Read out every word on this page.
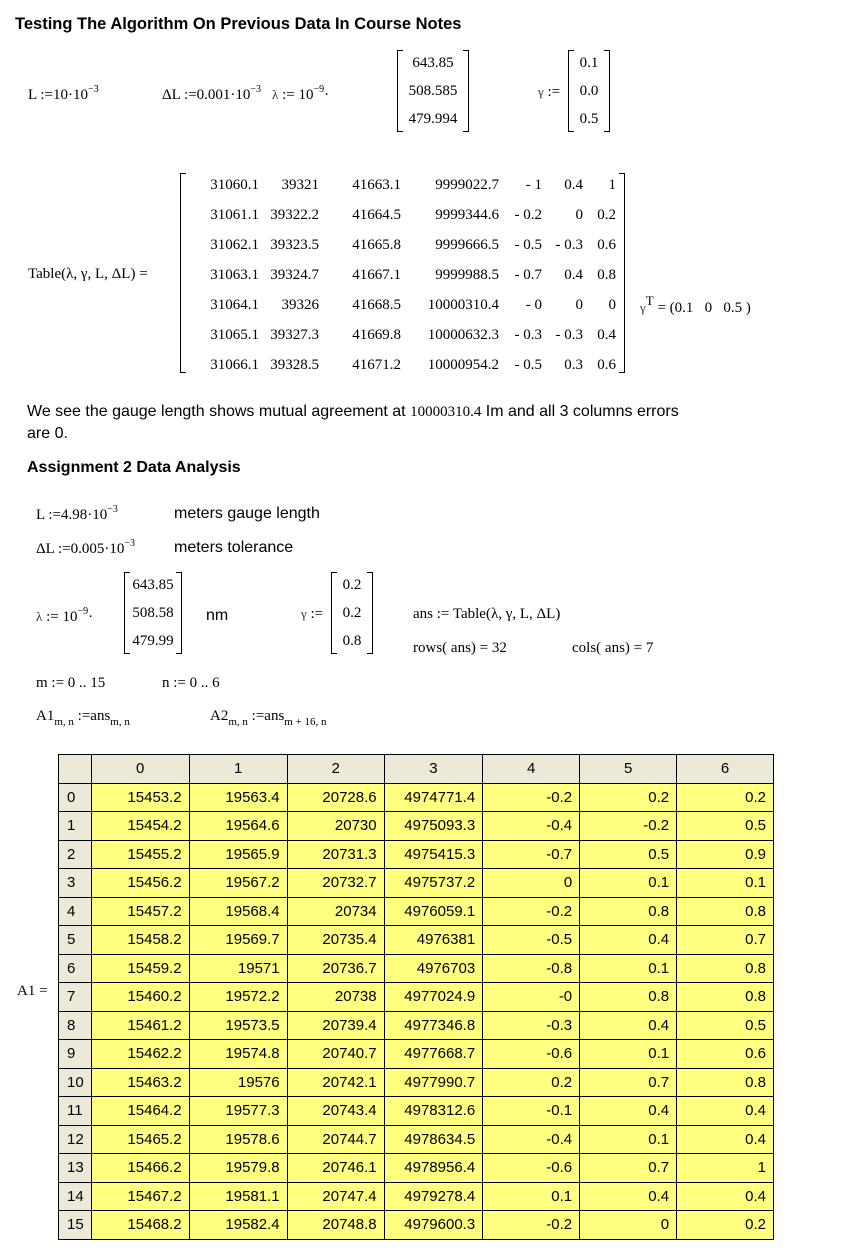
Testing The Algorithm On Previous Data In Course Notes
L $:=10\cdot 10^{-3}$	ΔL $:=0.001\cdot 10^{-3}$ λ := $10^{-9}\cdot$
643.85
508.585
479.994
γ :=
0.1
0.0
0.5
Table(λ, γ, L, ΔL) =
31060.1 39321 41663.1 9999022.7 - 1 0.4 1
31061.1 39322.2 41664.5 9999344.6 - 0.2 0 0.2
31062.1 39323.5 41665.8 9999666.5 - 0.5 - 0.3 0.6
31063.1 39324.7 41667.1 9999988.5 - 0.7 0.4 0.8
31064.1 39326 41668.5 10000310.4 - 0 0 0
31065.1 39327.3 41669.8 10000632.3 - 0.3 - 0.3 0.4
31066.1 39328.5 41671.2 10000954.2 - 0.5 0.3 0.6
$\gamma^T = (0.1$   0   0.5 )
We see the gauge length shows mutual agreement at 10000310.4 Im and all 3 columns errors
are 0.
Assignment 2 Data Analysis
L $:=4.98\cdot 10^{-3}$	meters gauge length
ΔL $:=0.005\cdot 10^{-3}$ meters tolerance
λ := $10^{-9}\cdot$
643.85
508.58
479.99
nm	γ :=
0.2
0.2
0.8
ans := Table(λ, γ, L, ΔL)
rows( ans) = 32	cols( ans) = 7
m := 0 .. 15	n := 0 .. 6
$A1_{m, n}$ :=ans$_{m, n}$	$A2_{m, n}$ :=ans$_{m + 16, n}$
A1 =
	0	1	2	3	4	5	6
0	15453.2	19563.4	20728.6	4974771.4	-0.2	0.2	0.2
1	15454.2	19564.6	20730	4975093.3	-0.4	-0.2	0.5
2	15455.2	19565.9	20731.3	4975415.3	-0.7	0.5	0.9
3	15456.2	19567.2	20732.7	4975737.2	0	0.1	0.1
4	15457.2	19568.4	20734	4976059.1	-0.2	0.8	0.8
5	15458.2	19569.7	20735.4	4976381	-0.5	0.4	0.7
6	15459.2	19571	20736.7	4976703	-0.8	0.1	0.8
7	15460.2	19572.2	20738	4977024.9	-0	0.8	0.8
8	15461.2	19573.5	20739.4	4977346.8	-0.3	0.4	0.5
9	15462.2	19574.8	20740.7	4977668.7	-0.6	0.1	0.6
10	15463.2	19576	20742.1	4977990.7	0.2	0.7	0.8
11	15464.2	19577.3	20743.4	4978312.6	-0.1	0.4	0.4
12	15465.2	19578.6	20744.7	4978634.5	-0.4	0.1	0.4
13	15466.2	19579.8	20746.1	4978956.4	-0.6	0.7	1
14	15467.2	19581.1	20747.4	4979278.4	0.1	0.4	0.4
15	15468.2	19582.4	20748.8	4979600.3	-0.2	0	0.2
